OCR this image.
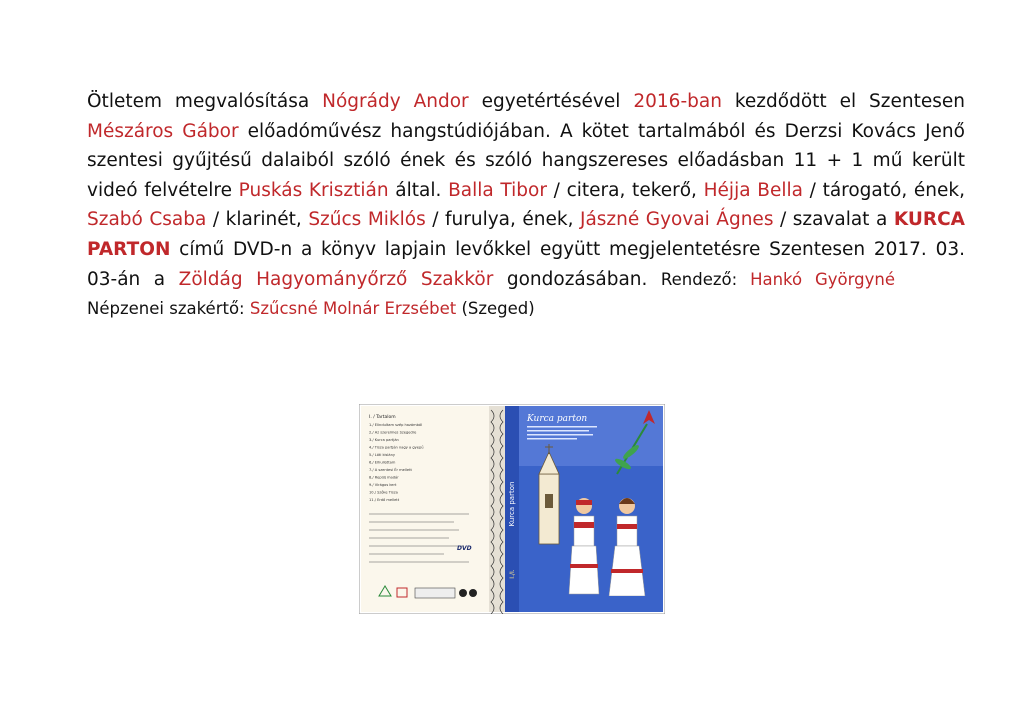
Ötletem megvalósítása Nógrády Andor egyetértésével 2016-ban kezdődött el Szentesen Mészáros Gábor előadóművész hangstúdiójában. A kötet tartalmából és Derzsi Kovács Jenő szentesi gyűjtésű dalaiból szóló ének és szóló hangszereses előadásban 11 + 1 mű került videó felvételre Puskás Krisztián által. Balla Tibor / citera, tekerő, Héjja Bella / tárogató, ének, Szabó Csaba / klarinét, Szűcs Miklós / furulya, ének, Jászné Gyovai Ágnes / szavalat a KURCA PARTON című DVD-n a könyv lapjain levőkkel együtt megjelentetésre Szentesen 2017. 03. 03-án a Zöldág Hagyományőrző Szakkör gondozásában. Rendező: Hankó GyörgynéNépzenei szakértő: Szűcsné Molnár Erzsébet (Szeged)
I. / Tartalom
1./ Elindultam szép hazámból
2./ Az szerelmes Szegedre
3./ Kurca partján
4./ Tisza partján nagy a gyepű
5./ Lóti kislány
6./ Elhullottam
7./ A szentesi Ér mellett
8./ Repülj madár
9./ Virágos kert
10./ Szőke Tisza
11./ Erdő mellett
DVD
Kurca parton
I./I.
Kurca parton
